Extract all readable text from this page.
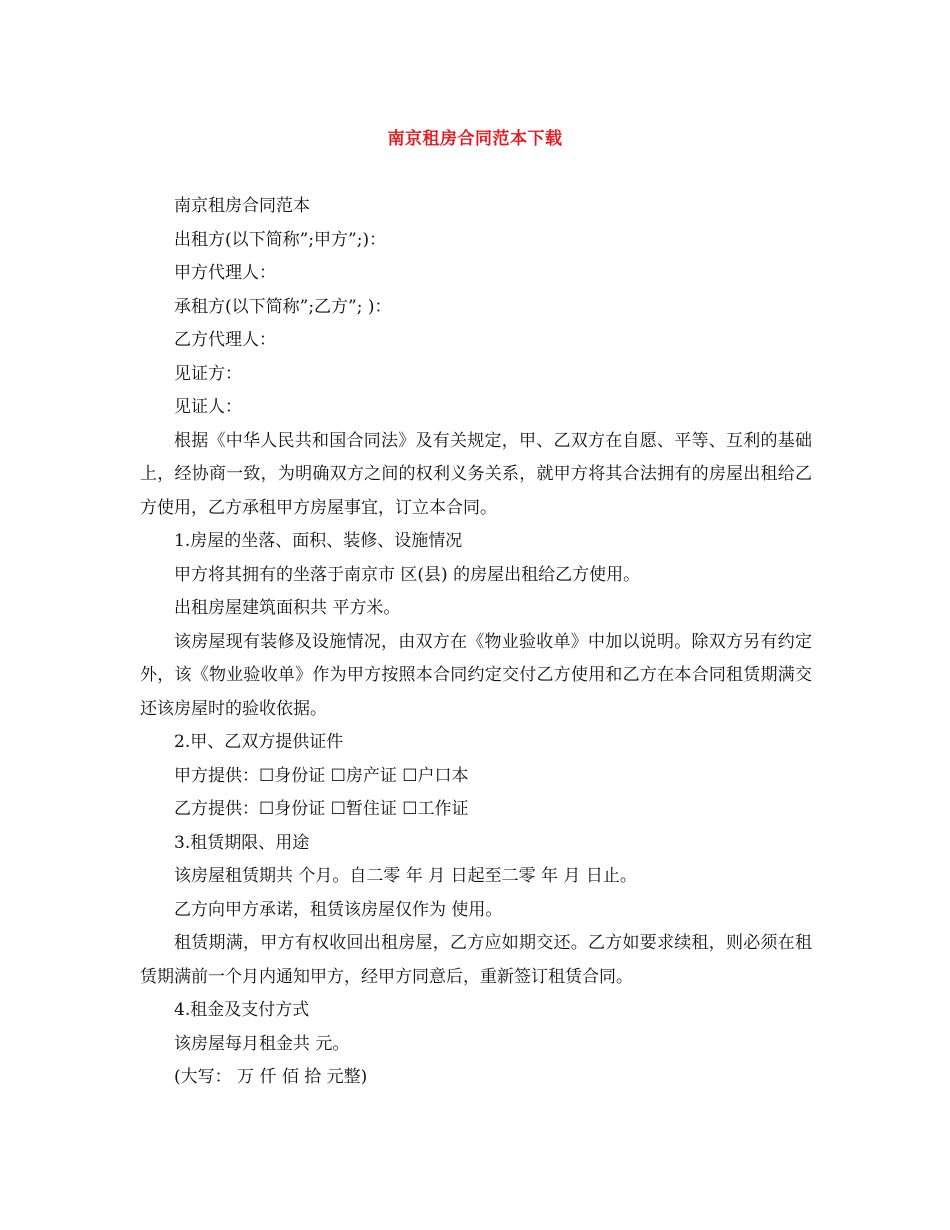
南京租房合同范本下载

南京租房合同范本

出租方(以下简称”;甲方”;)：

甲方代理人：

承租方(以下简称”;乙方”; )：

乙方代理人：

见证方：

见证人：

根据《中华人民共和国合同法》及有关规定，甲、乙双方在自愿、平等、互利的基础上，经协商一致，为明确双方之间的权利义务关系，就甲方将其合法拥有的房屋出租给乙方使用，乙方承租甲方房屋事宜，订立本合同。

1.房屋的坐落、面积、装修、设施情况

甲方将其拥有的坐落于南京市 区(县) 的房屋出租给乙方使用。

出租房屋建筑面积共 平方米。

该房屋现有装修及设施情况，由双方在《物业验收单》中加以说明。除双方另有约定外，该《物业验收单》作为甲方按照本合同约定交付乙方使用和乙方在本合同租赁期满交还该房屋时的验收依据。

2.甲、乙双方提供证件

甲方提供：☐身份证 ☐房产证 ☐户口本

乙方提供：☐身份证 ☐暂住证 ☐工作证

3.租赁期限、用途

该房屋租赁期共 个月。自二零 年 月 日起至二零 年 月 日止。

乙方向甲方承诺，租赁该房屋仅作为 使用。

租赁期满，甲方有权收回出租房屋，乙方应如期交还。乙方如要求续租，则必须在租赁期满前一个月内通知甲方，经甲方同意后，重新签订租赁合同。

4.租金及支付方式

该房屋每月租金共 元。

(大写： 万 仟 佰 拾 元整)
